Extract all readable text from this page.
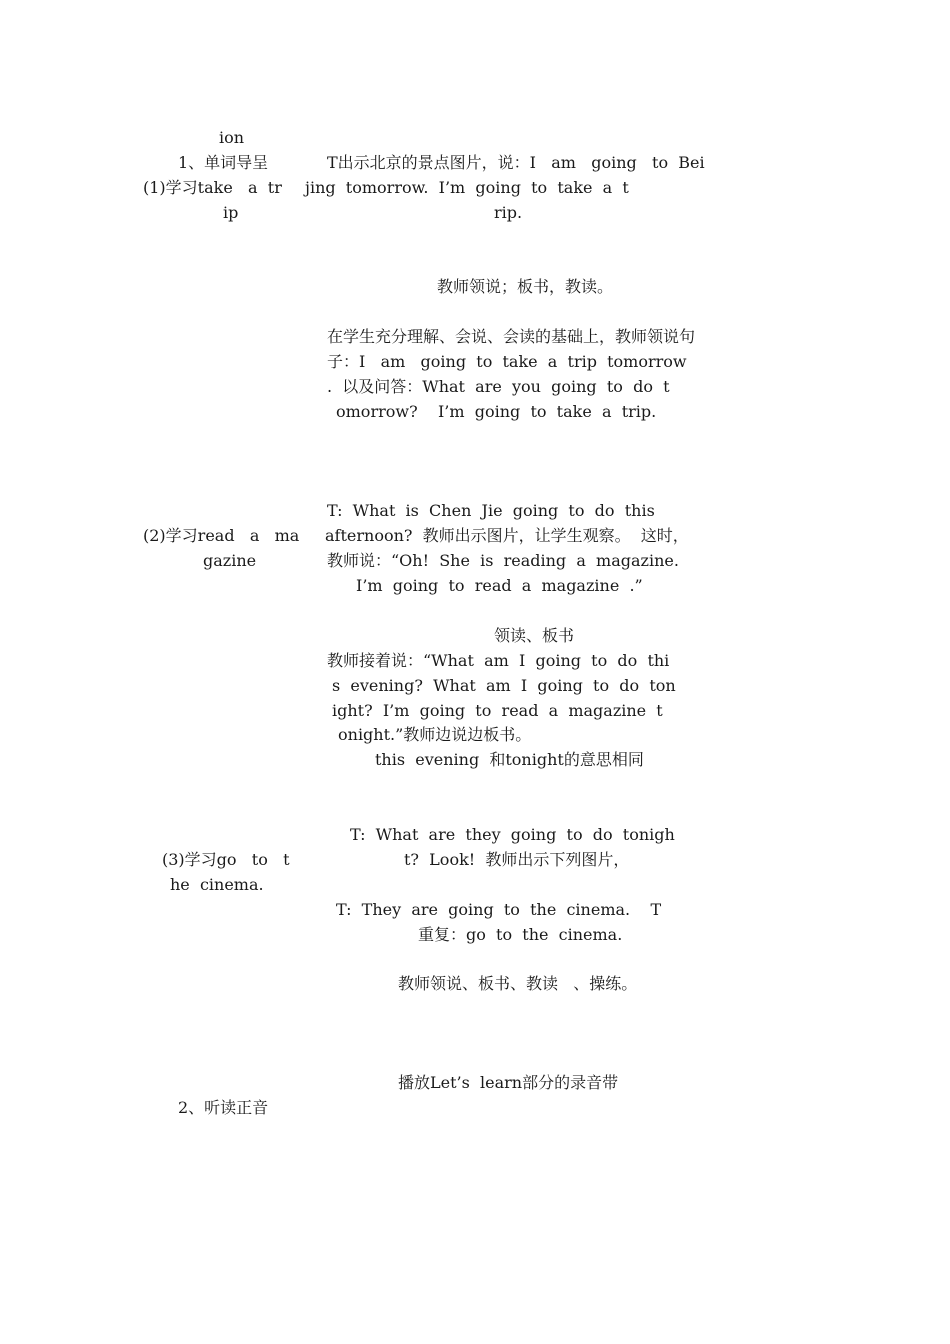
ion
1、单词导呈
(1)学习take   a  tr
ip
(2)学习read   a   ma
gazine
(3)学习go   to   t
he  cinema.
2、听读正音
T出示北京的景点图片，说：I   am   going   to  Bei
jing  tomorrow.  I’m  going  to  take  a  t
rip.
教师领说；板书，教读。
在学生充分理解、会说、会读的基础上，教师领说句
子：I   am   going  to  take  a  trip  tomorrow
.  以及问答：What  are  you  going  to  do  t
omorrow?    I’m  going  to  take  a  trip.
T:  What  is  Chen  Jie  going  to  do  this
afternoon?  教师出示图片，让学生观察。  这时，
教师说：“Oh!  She  is  reading  a  magazine.
I’m  going  to  read  a  magazine  .”
领读、板书
教师接着说：“What  am  I  going  to  do  thi
s  evening?  What  am  I  going  to  do  ton
ight?  I’m  going  to  read  a  magazine  t
onight.”教师边说边板书。
this  evening  和tonight的意思相同
T:  What  are  they  going  to  do  tonigh
t?  Look!  教师出示下列图片，
T:  They  are  going  to  the  cinema.    T
重复：go  to  the  cinema.
教师领说、板书、教读   、操练。
播放Let’s  learn部分的录音带
